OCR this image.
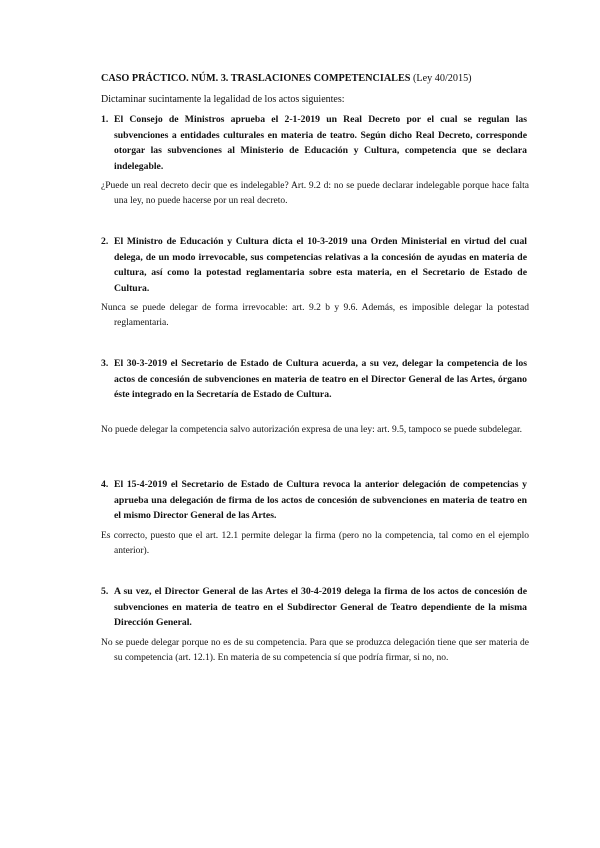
CASO PRÁCTICO. NÚM. 3. TRASLACIONES COMPETENCIALES (Ley 40/2015)
Dictaminar sucintamente la legalidad de los actos siguientes:
1. El Consejo de Ministros aprueba el 2-1-2019 un Real Decreto por el cual se regulan las subvenciones a entidades culturales en materia de teatro. Según dicho Real Decreto, corresponde otorgar las subvenciones al Ministerio de Educación y Cultura, competencia que se declara indelegable.
¿Puede un real decreto decir que es indelegable? Art. 9.2 d: no se puede declarar indelegable porque hace falta una ley, no puede hacerse por un real decreto.
2. El Ministro de Educación y Cultura dicta el 10-3-2019 una Orden Ministerial en virtud del cual delega, de un modo irrevocable, sus competencias relativas a la concesión de ayudas en materia de cultura, así como la potestad reglamentaria sobre esta materia, en el Secretario de Estado de Cultura.
Nunca se puede delegar de forma irrevocable: art. 9.2 b y 9.6. Además, es imposible delegar la potestad reglamentaria.
3. El 30-3-2019 el Secretario de Estado de Cultura acuerda, a su vez, delegar la competencia de los actos de concesión de subvenciones en materia de teatro en el Director General de las Artes, órgano éste integrado en la Secretaría de Estado de Cultura.
No puede delegar la competencia salvo autorización expresa de una ley: art. 9.5, tampoco se puede subdelegar.
4. El 15-4-2019 el Secretario de Estado de Cultura revoca la anterior delegación de competencias y aprueba una delegación de firma de los actos de concesión de subvenciones en materia de teatro en el mismo Director General de las Artes.
Es correcto, puesto que el art. 12.1 permite delegar la firma (pero no la competencia, tal como en el ejemplo anterior).
5. A su vez, el Director General de las Artes el 30-4-2019 delega la firma de los actos de concesión de subvenciones en materia de teatro en el Subdirector General de Teatro dependiente de la misma Dirección General.
No se puede delegar porque no es de su competencia. Para que se produzca delegación tiene que ser materia de su competencia (art. 12.1). En materia de su competencia sí que podría firmar, si no, no.
